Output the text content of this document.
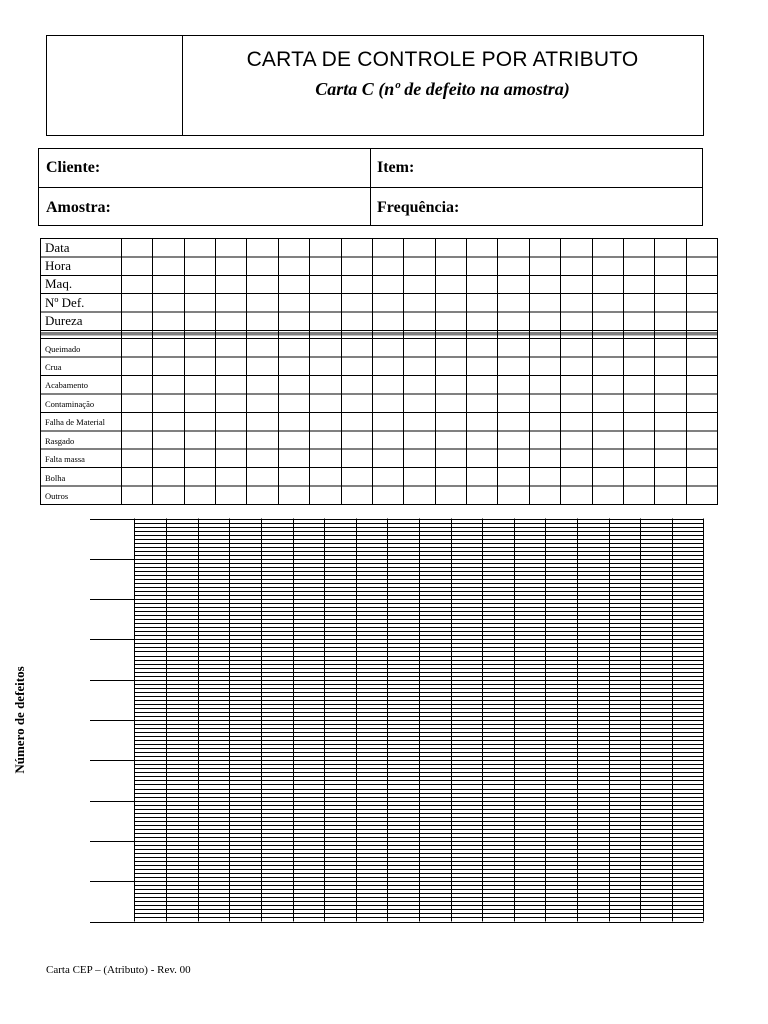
CARTA DE CONTROLE POR ATRIBUTO
Carta C (nº de defeito na amostra)
Cliente:	Item:
Amostra:	Frequência:
Data
Hora
Maq.
Nº Def.
Dureza
Queimado
Crua
Acabamento
Contaminação
Falha de Material
Rasgado
Falta massa
Bolha
Outros
Número de defeitos
Carta CEP – (Atributo) - Rev. 00
